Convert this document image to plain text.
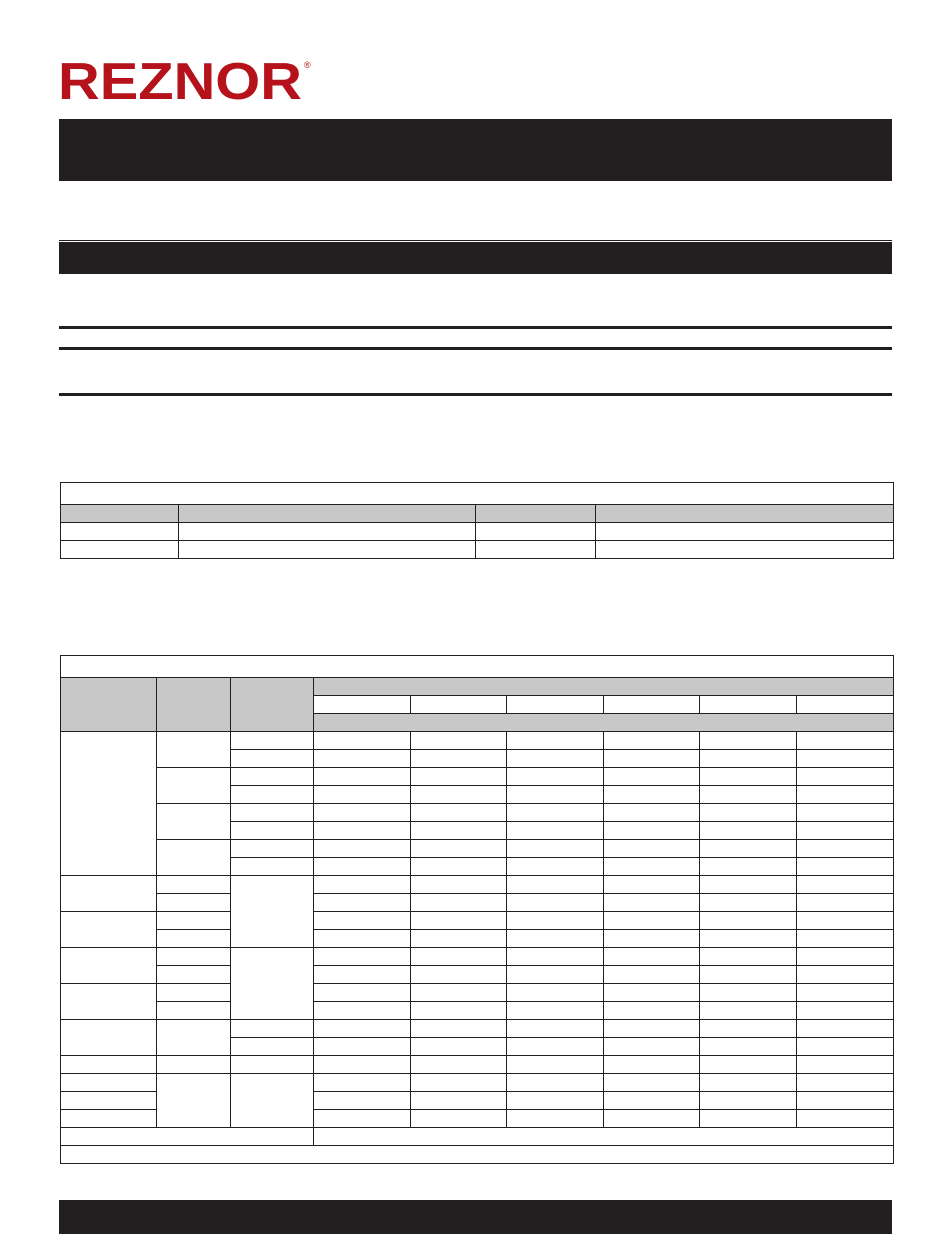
REZNOR ®
